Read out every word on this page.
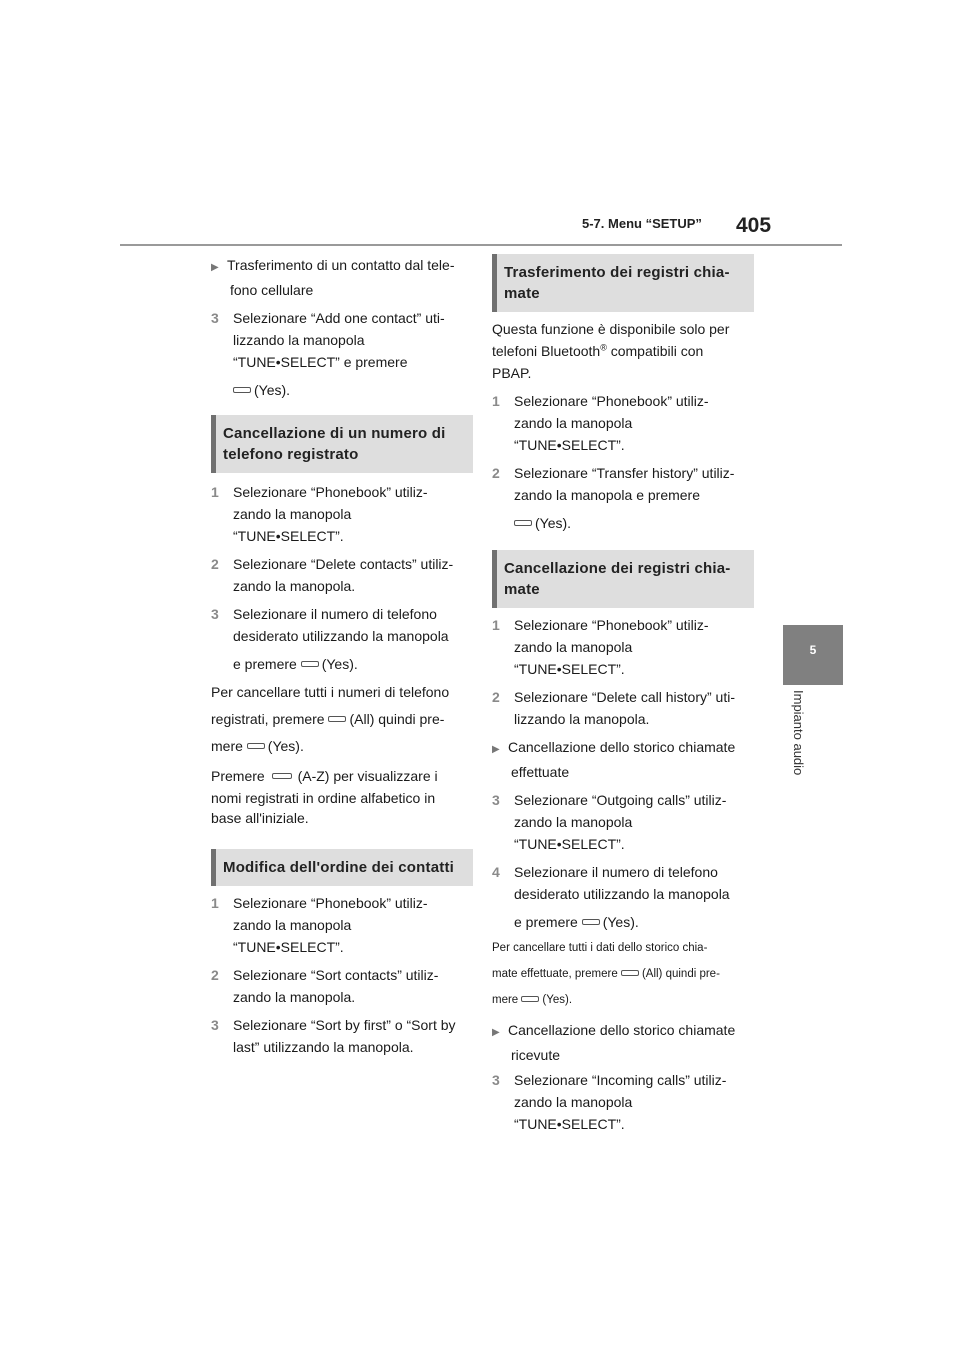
5-7. Menu “SETUP” 405
5
Impianto audio
▶ Trasferimento di un contatto dal tele-
fono cellulare
3 Selezionare “Add one contact” uti-
lizzando la manopola
“TUNE•SELECT” e premere
(Yes).
Cancellazione di un numero di
telefono registrato
1 Selezionare “Phonebook” utiliz-
zando la manopola
“TUNE•SELECT”.
2 Selezionare “Delete contacts” utiliz-
zando la manopola.
3 Selezionare il numero di telefono
desiderato utilizzando la manopola
e premere (Yes).
Per cancellare tutti i numeri di telefono
registrati, premere (All) quindi pre-
mere (Yes).
Premere (A-Z) per visualizzare i
nomi registrati in ordine alfabetico in
base all'iniziale.
Modifica dell'ordine dei contatti
1 Selezionare “Phonebook” utiliz-
zando la manopola
“TUNE•SELECT”.
2 Selezionare “Sort contacts” utiliz-
zando la manopola.
3 Selezionare “Sort by first” o “Sort by
last” utilizzando la manopola.
Trasferimento dei registri chia-
mate
Questa funzione è disponibile solo per
telefoni Bluetooth® compatibili con
PBAP.
1 Selezionare “Phonebook” utiliz-
zando la manopola
“TUNE•SELECT”.
2 Selezionare “Transfer history” utiliz-
zando la manopola e premere
(Yes).
Cancellazione dei registri chia-
mate
1 Selezionare “Phonebook” utiliz-
zando la manopola
“TUNE•SELECT”.
2 Selezionare “Delete call history” uti-
lizzando la manopola.
▶ Cancellazione dello storico chiamate
effettuate
3 Selezionare “Outgoing calls” utiliz-
zando la manopola
“TUNE•SELECT”.
4 Selezionare il numero di telefono
desiderato utilizzando la manopola
e premere (Yes).
Per cancellare tutti i dati dello storico chia-
mate effettuate, premere (All) quindi pre-
mere (Yes).
▶ Cancellazione dello storico chiamate
ricevute
3 Selezionare “Incoming calls” utiliz-
zando la manopola
“TUNE•SELECT”.
